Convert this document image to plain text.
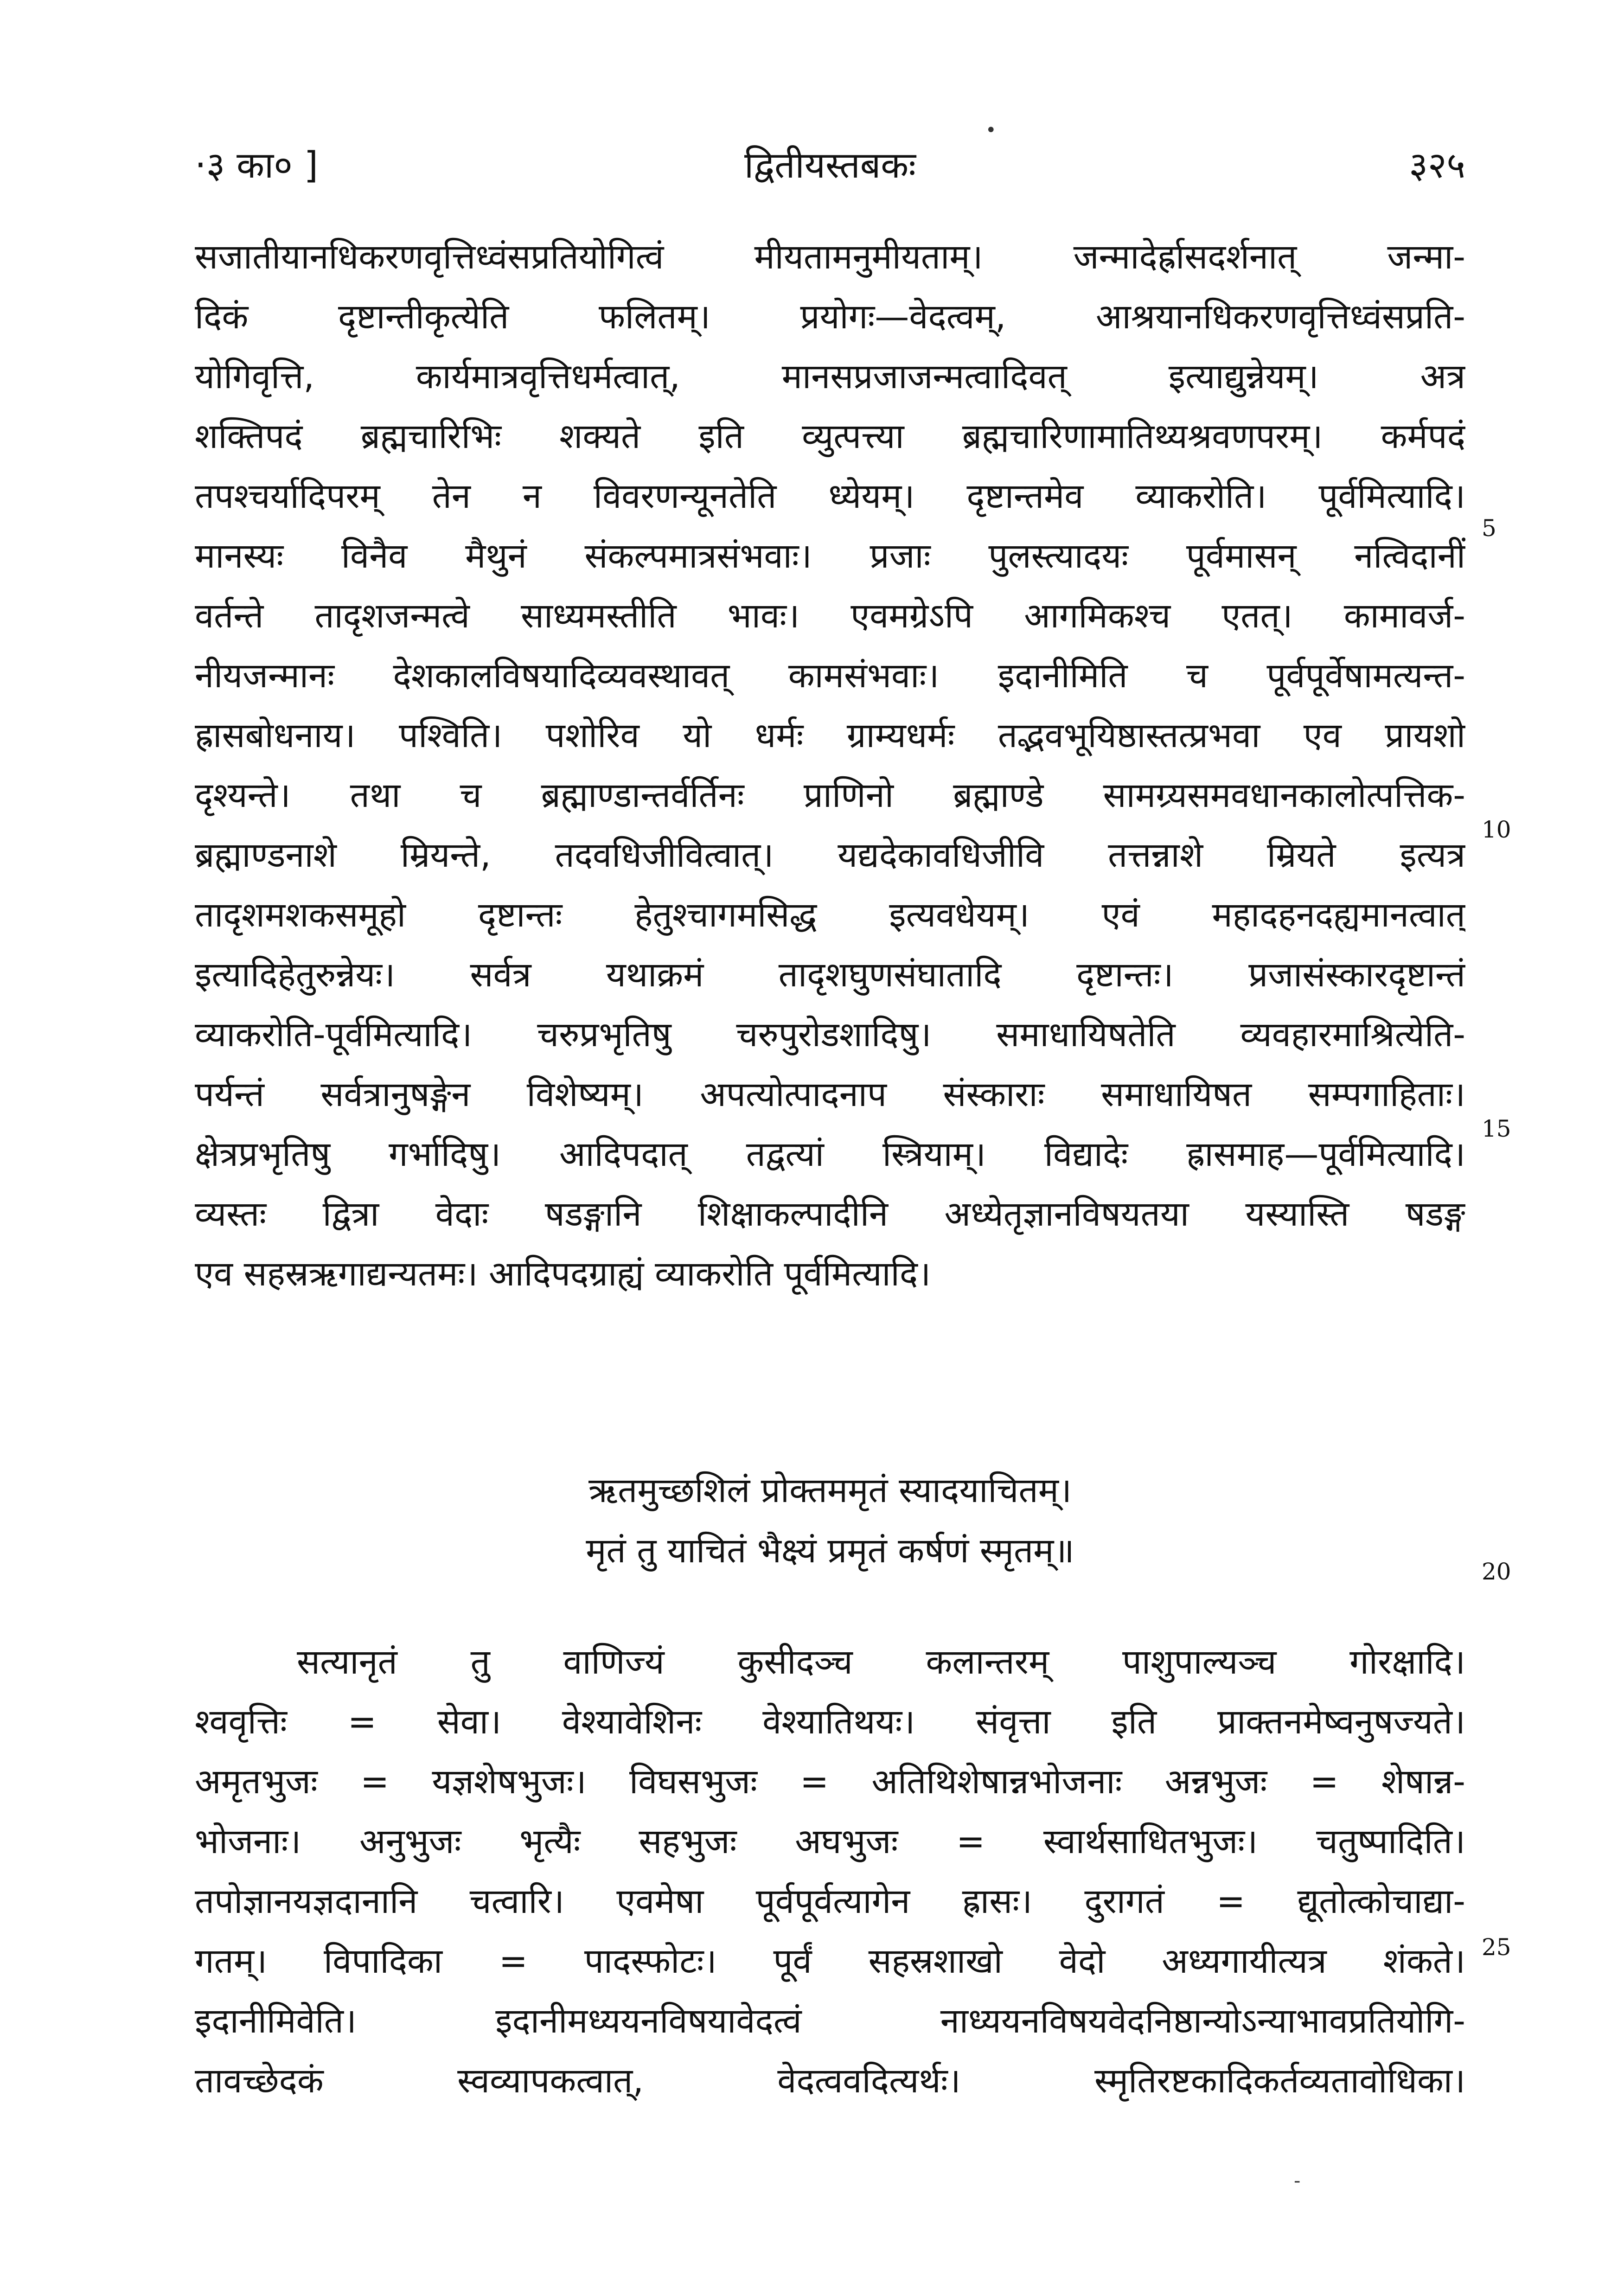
·३ का० ]	द्वितीयस्तबकः	३२५
सजातीयानधिकरणवृत्तिध्वंसप्रतियोगित्वं मीयतामनुमीयताम्। जन्मादेर्ह्रासदर्शनात् जन्मा-
दिकं दृष्टान्तीकृत्येति फलितम्। प्रयोगः—वेदत्वम्, आश्रयानधिकरणवृत्तिध्वंसप्रति-
योगिवृत्ति, कार्यमात्रवृत्तिधर्मत्वात्, मानसप्रजाजन्मत्वादिवत् इत्याद्युन्नेयम्। अत्र
शक्तिपदं ब्रह्मचारिभिः शक्यते इति व्युत्पत्त्या ब्रह्मचारिणामातिथ्यश्रवणपरम्। कर्मपदं
तपश्चर्यादिपरम् तेन न विवरणन्यूनतेति ध्येयम्। दृष्टान्तमेव व्याकरोति। पूर्वमित्यादि।
मानस्यः विनैव मैथुनं संकल्पमात्रसंभवाः। प्रजाः पुलस्त्यादयः पूर्वमासन् नत्विदानीं
वर्तन्ते तादृशजन्मत्वे साध्यमस्तीति भावः। एवमग्रेऽपि आगमिकश्च एतत्। कामावर्ज-
नीयजन्मानः देशकालविषयादिव्यवस्थावत् कामसंभवाः। इदानीमिति च पूर्वपूर्वेषामत्यन्त-
ह्रासबोधनाय। पश्विति। पशोरिव यो धर्मः ग्राम्यधर्मः तद्भवभूयिष्ठास्तत्प्रभवा एव प्रायशो
दृश्यन्ते। तथा च ब्रह्माण्डान्तर्वर्तिनः प्राणिनो ब्रह्माण्डे सामग्र्यसमवधानकालोत्पत्तिक-
ब्रह्माण्डनाशे म्रियन्ते, तदवधिजीवित्वात्। यद्यदेकावधिजीवि तत्तन्नाशे म्रियते इत्यत्र
तादृशमशकसमूहो दृष्टान्तः हेतुश्चागमसिद्ध इत्यवधेयम्। एवं महादहनदह्यमानत्वात्
इत्यादिहेतुरुन्नेयः। सर्वत्र यथाक्रमं तादृशघुणसंघातादि दृष्टान्तः। प्रजासंस्कारदृष्टान्तं
व्याकरोति-पूर्वमित्यादि। चरुप्रभृतिषु चरुपुरोडशादिषु। समाधायिषतेति व्यवहारमाश्रित्येति-
पर्यन्तं सर्वत्रानुषङ्गेन विशेष्यम्। अपत्योत्पादनाप संस्काराः समाधायिषत सम्पगाहिताः।
क्षेत्रप्रभृतिषु गर्भादिषु। आदिपदात् तद्वत्यां स्त्रियाम्। विद्यादेः ह्रासमाह—पूर्वमित्यादि।
व्यस्तः द्वित्रा वेदाः षडङ्गानि शिक्षाकल्पादीनि अध्येतृज्ञानविषयतया यस्यास्ति षडङ्ग
एव सहस्रऋगाद्यन्यतमः। आदिपदग्राह्यं व्याकरोति पूर्वमित्यादि।
ऋतमुच्छशिलं प्रोक्तममृतं स्यादयाचितम्।
मृतं तु याचितं भैक्ष्यं प्रमृतं कर्षणं स्मृतम्॥
सत्यानृतं तु वाणिज्यं कुसीदञ्च कलान्तरम् पाशुपाल्यञ्च गोरक्षादि।
श्ववृत्तिः = सेवा। वेश्यावेशिनः वेश्यातिथयः। संवृत्ता इति प्राक्तनमेष्वनुषज्यते।
अमृतभुजः = यज्ञशेषभुजः। विघसभुजः = अतिथिशेषान्नभोजनाः अन्नभुजः = शेषान्न-
भोजनाः। अनुभुजः भृत्यैः सहभुजः अघभुजः = स्वार्थसाधितभुजः। चतुष्पादिति।
तपोज्ञानयज्ञदानानि चत्वारि। एवमेषा पूर्वपूर्वत्यागेन ह्रासः। दुरागतं = द्यूतोत्कोचाद्या-
गतम्। विपादिका = पादस्फोटः। पूर्वं सहस्रशाखो वेदो अध्यगायीत्यत्र शंकते।
इदानीमिवेति। इदानीमध्ययनविषयावेदत्वं नाध्ययनविषयवेदनिष्ठान्योऽन्याभावप्रतियोगि-
तावच्छेदकं स्वव्यापकत्वात्, वेदत्ववदित्यर्थः। स्मृतिरष्टकादिकर्तव्यतावोधिका।
5
10
15
20
25
•
-
